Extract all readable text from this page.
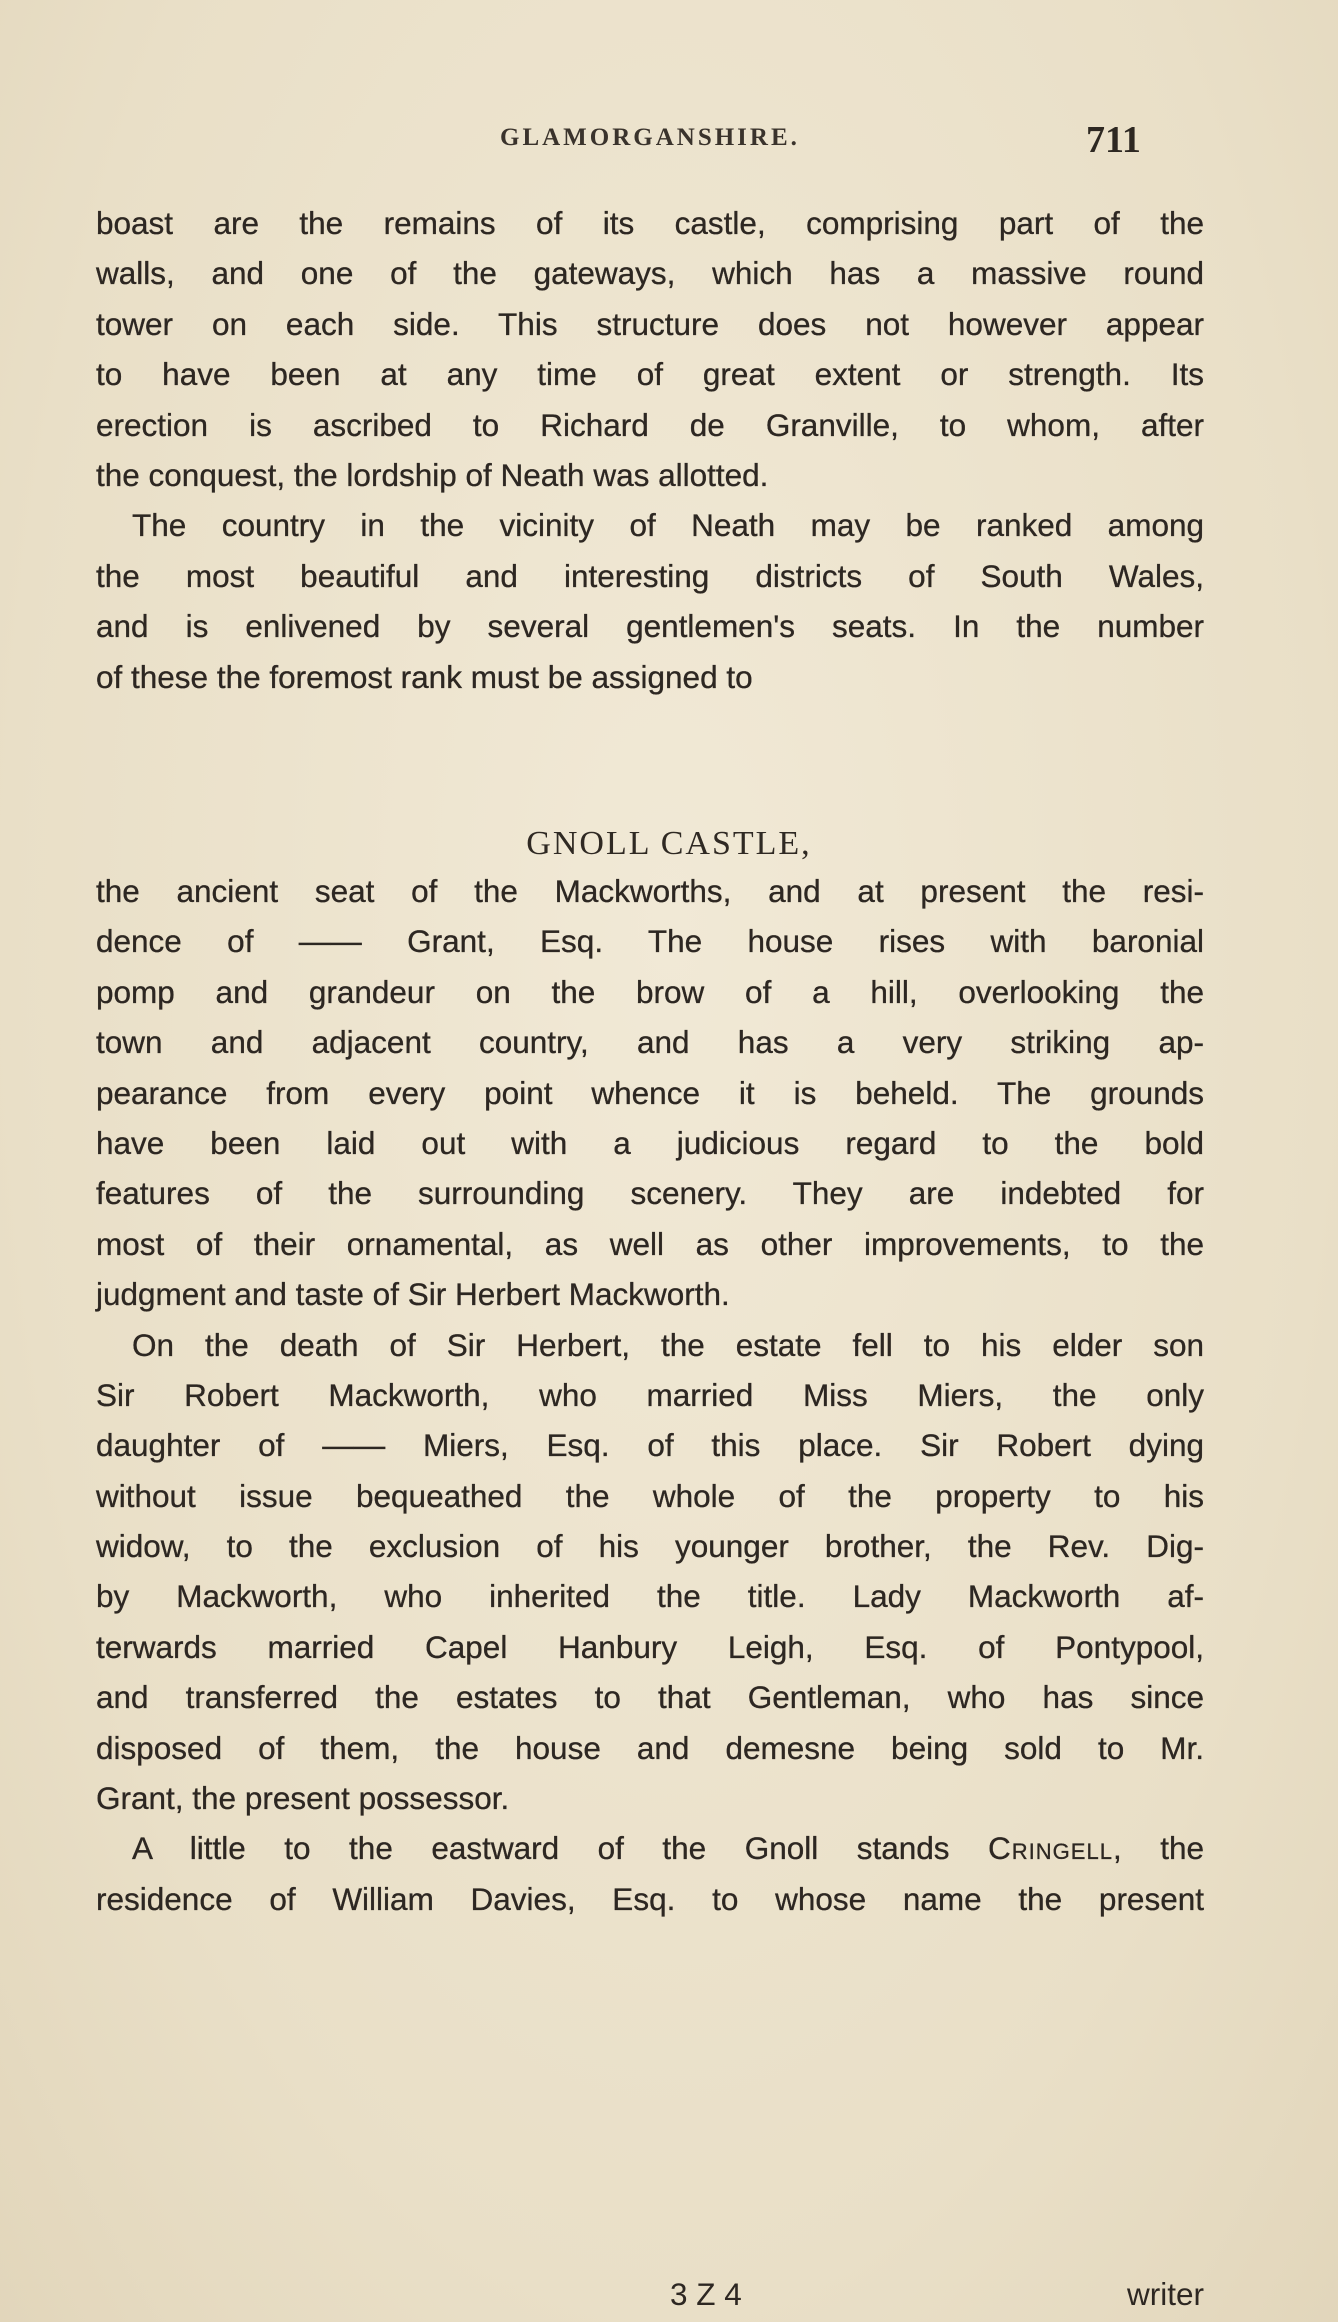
GLAMORGANSHIRE.	711
boast are the remains of its castle, comprising part of the
walls, and one of the gateways, which has a massive round
tower on each side. This structure does not however appear
to have been at any time of great extent or strength. Its
erection is ascribed to Richard de Granville, to whom, after
the conquest, the lordship of Neath was allotted.
The country in the vicinity of Neath may be ranked among
the most beautiful and interesting districts of South Wales,
and is enlivened by several gentlemen's seats. In the number
of these the foremost rank must be assigned to
GNOLL CASTLE,
the ancient seat of the Mackworths, and at present the resi-
dence of —— Grant, Esq. The house rises with baronial
pomp and grandeur on the brow of a hill, overlooking the
town and adjacent country, and has a very striking ap-
pearance from every point whence it is beheld. The grounds
have been laid out with a judicious regard to the bold
features of the surrounding scenery. They are indebted for
most of their ornamental, as well as other improvements, to the
judgment and taste of Sir Herbert Mackworth.
On the death of Sir Herbert, the estate fell to his elder son
Sir Robert Mackworth, who married Miss Miers, the only
daughter of —— Miers, Esq. of this place. Sir Robert dying
without issue bequeathed the whole of the property to his
widow, to the exclusion of his younger brother, the Rev. Dig-
by Mackworth, who inherited the title. Lady Mackworth af-
terwards married Capel Hanbury Leigh, Esq. of Pontypool,
and transferred the estates to that Gentleman, who has since
disposed of them, the house and demesne being sold to Mr.
Grant, the present possessor.
A little to the eastward of the Gnoll stands Cringell, the
residence of William Davies, Esq. to whose name the present
3 Z 4	writer
